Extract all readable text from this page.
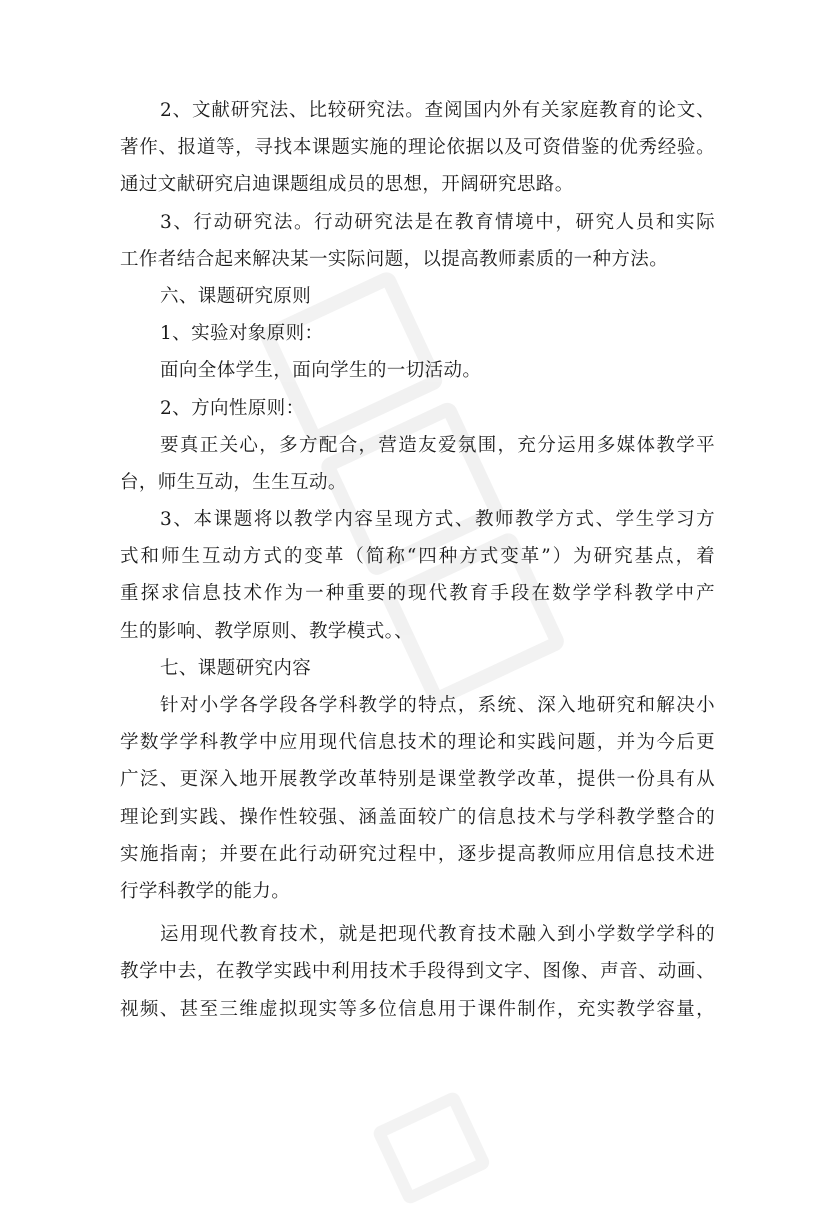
2、文献研究法、比较研究法。查阅国内外有关家庭教育的论文、
著作、报道等，寻找本课题实施的理论依据以及可资借鉴的优秀经验。
通过文献研究启迪课题组成员的思想，开阔研究思路。
3、行动研究法。行动研究法是在教育情境中，研究人员和实际
工作者结合起来解决某一实际问题，以提高教师素质的一种方法。
六、课题研究原则
1、实验对象原则：
面向全体学生，面向学生的一切活动。
2、方向性原则：
要真正关心，多方配合，营造友爱氛围，充分运用多媒体教学平
台，师生互动，生生互动。
3、本课题将以教学内容呈现方式、教师教学方式、学生学习方
式和师生互动方式的变革（简称“四种方式变革”）为研究基点，着
重探求信息技术作为一种重要的现代教育手段在数学学科教学中产
生的影响、教学原则、教学模式。、
七、课题研究内容
针对小学各学段各学科教学的特点，系统、深入地研究和解决小
学数学学科教学中应用现代信息技术的理论和实践问题，并为今后更
广泛、更深入地开展教学改革特别是课堂教学改革，提供一份具有从
理论到实践、操作性较强、涵盖面较广的信息技术与学科教学整合的
实施指南；并要在此行动研究过程中，逐步提高教师应用信息技术进
行学科教学的能力。
运用现代教育技术，就是把现代教育技术融入到小学数学学科的
教学中去，在教学实践中利用技术手段得到文字、图像、声音、动画、
视频、甚至三维虚拟现实等多位信息用于课件制作，充实教学容量，
